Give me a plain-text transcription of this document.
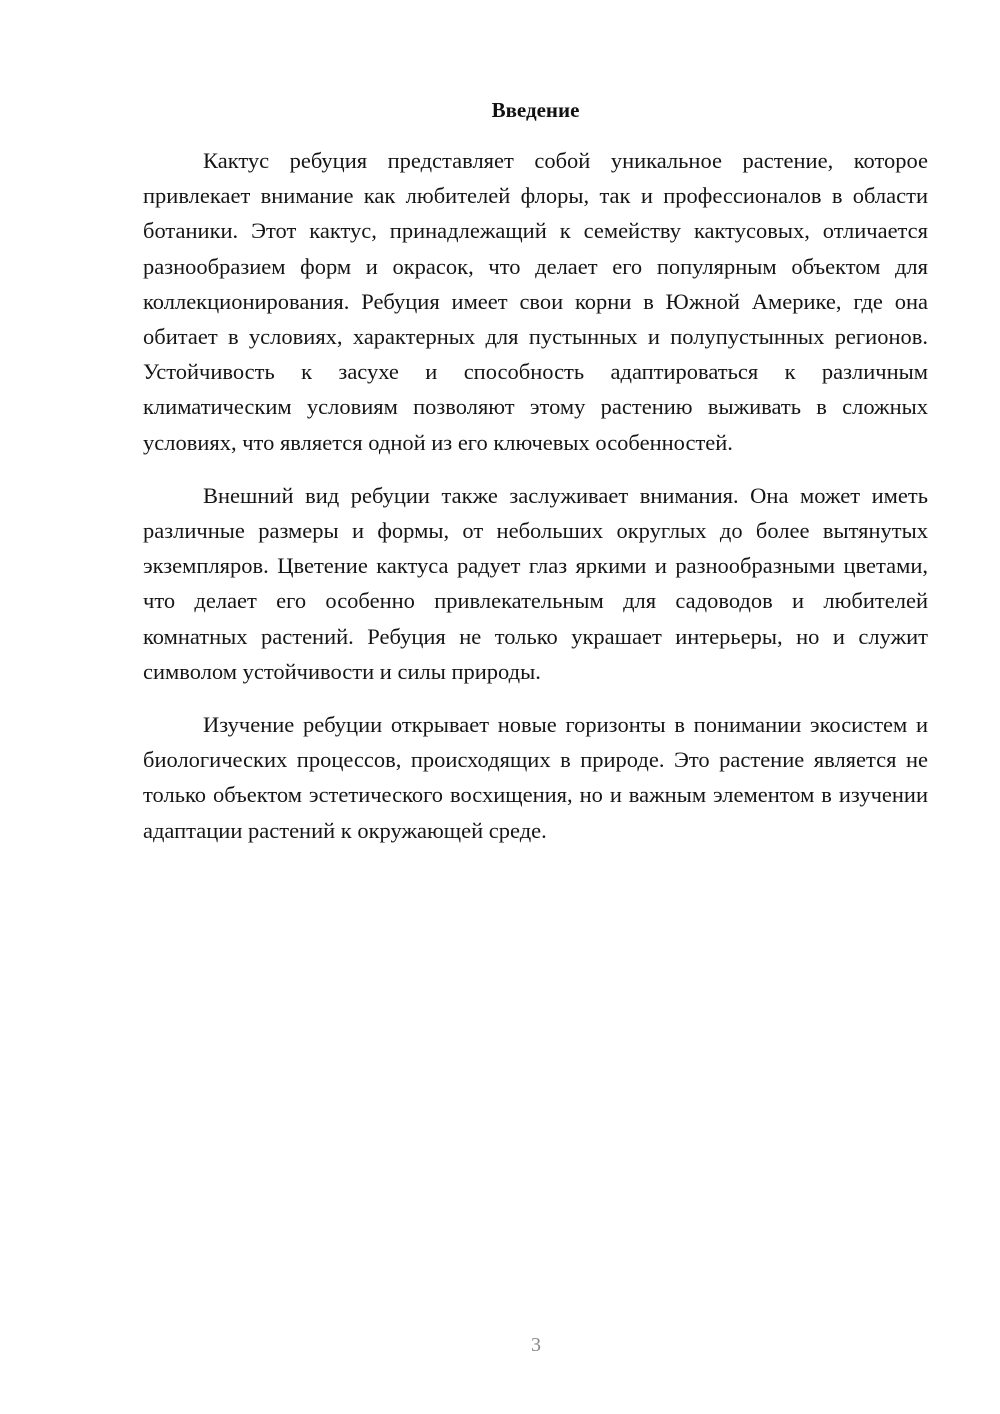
Введение

Кактус ребуция представляет собой уникальное растение, которое привлекает внимание как любителей флоры, так и профессионалов в области ботаники. Этот кактус, принадлежащий к семейству кактусовых, отличается разнообразием форм и окрасок, что делает его популярным объектом для коллекционирования. Ребуция имеет свои корни в Южной Америке, где она обитает в условиях, характерных для пустынных и полупустынных регионов. Устойчивость к засухе и способность адаптироваться к различным климатическим условиям позволяют этому растению выживать в сложных условиях, что является одной из его ключевых особенностей.

Внешний вид ребуции также заслуживает внимания. Она может иметь различные размеры и формы, от небольших округлых до более вытянутых экземпляров. Цветение кактуса радует глаз яркими и разнообразными цветами, что делает его особенно привлекательным для садоводов и любителей комнатных растений. Ребуция не только украшает интерьеры, но и служит символом устойчивости и силы природы.

Изучение ребуции открывает новые горизонты в понимании экосистем и биологических процессов, происходящих в природе. Это растение является не только объектом эстетического восхищения, но и важным элементом в изучении адаптации растений к окружающей среде.

3
